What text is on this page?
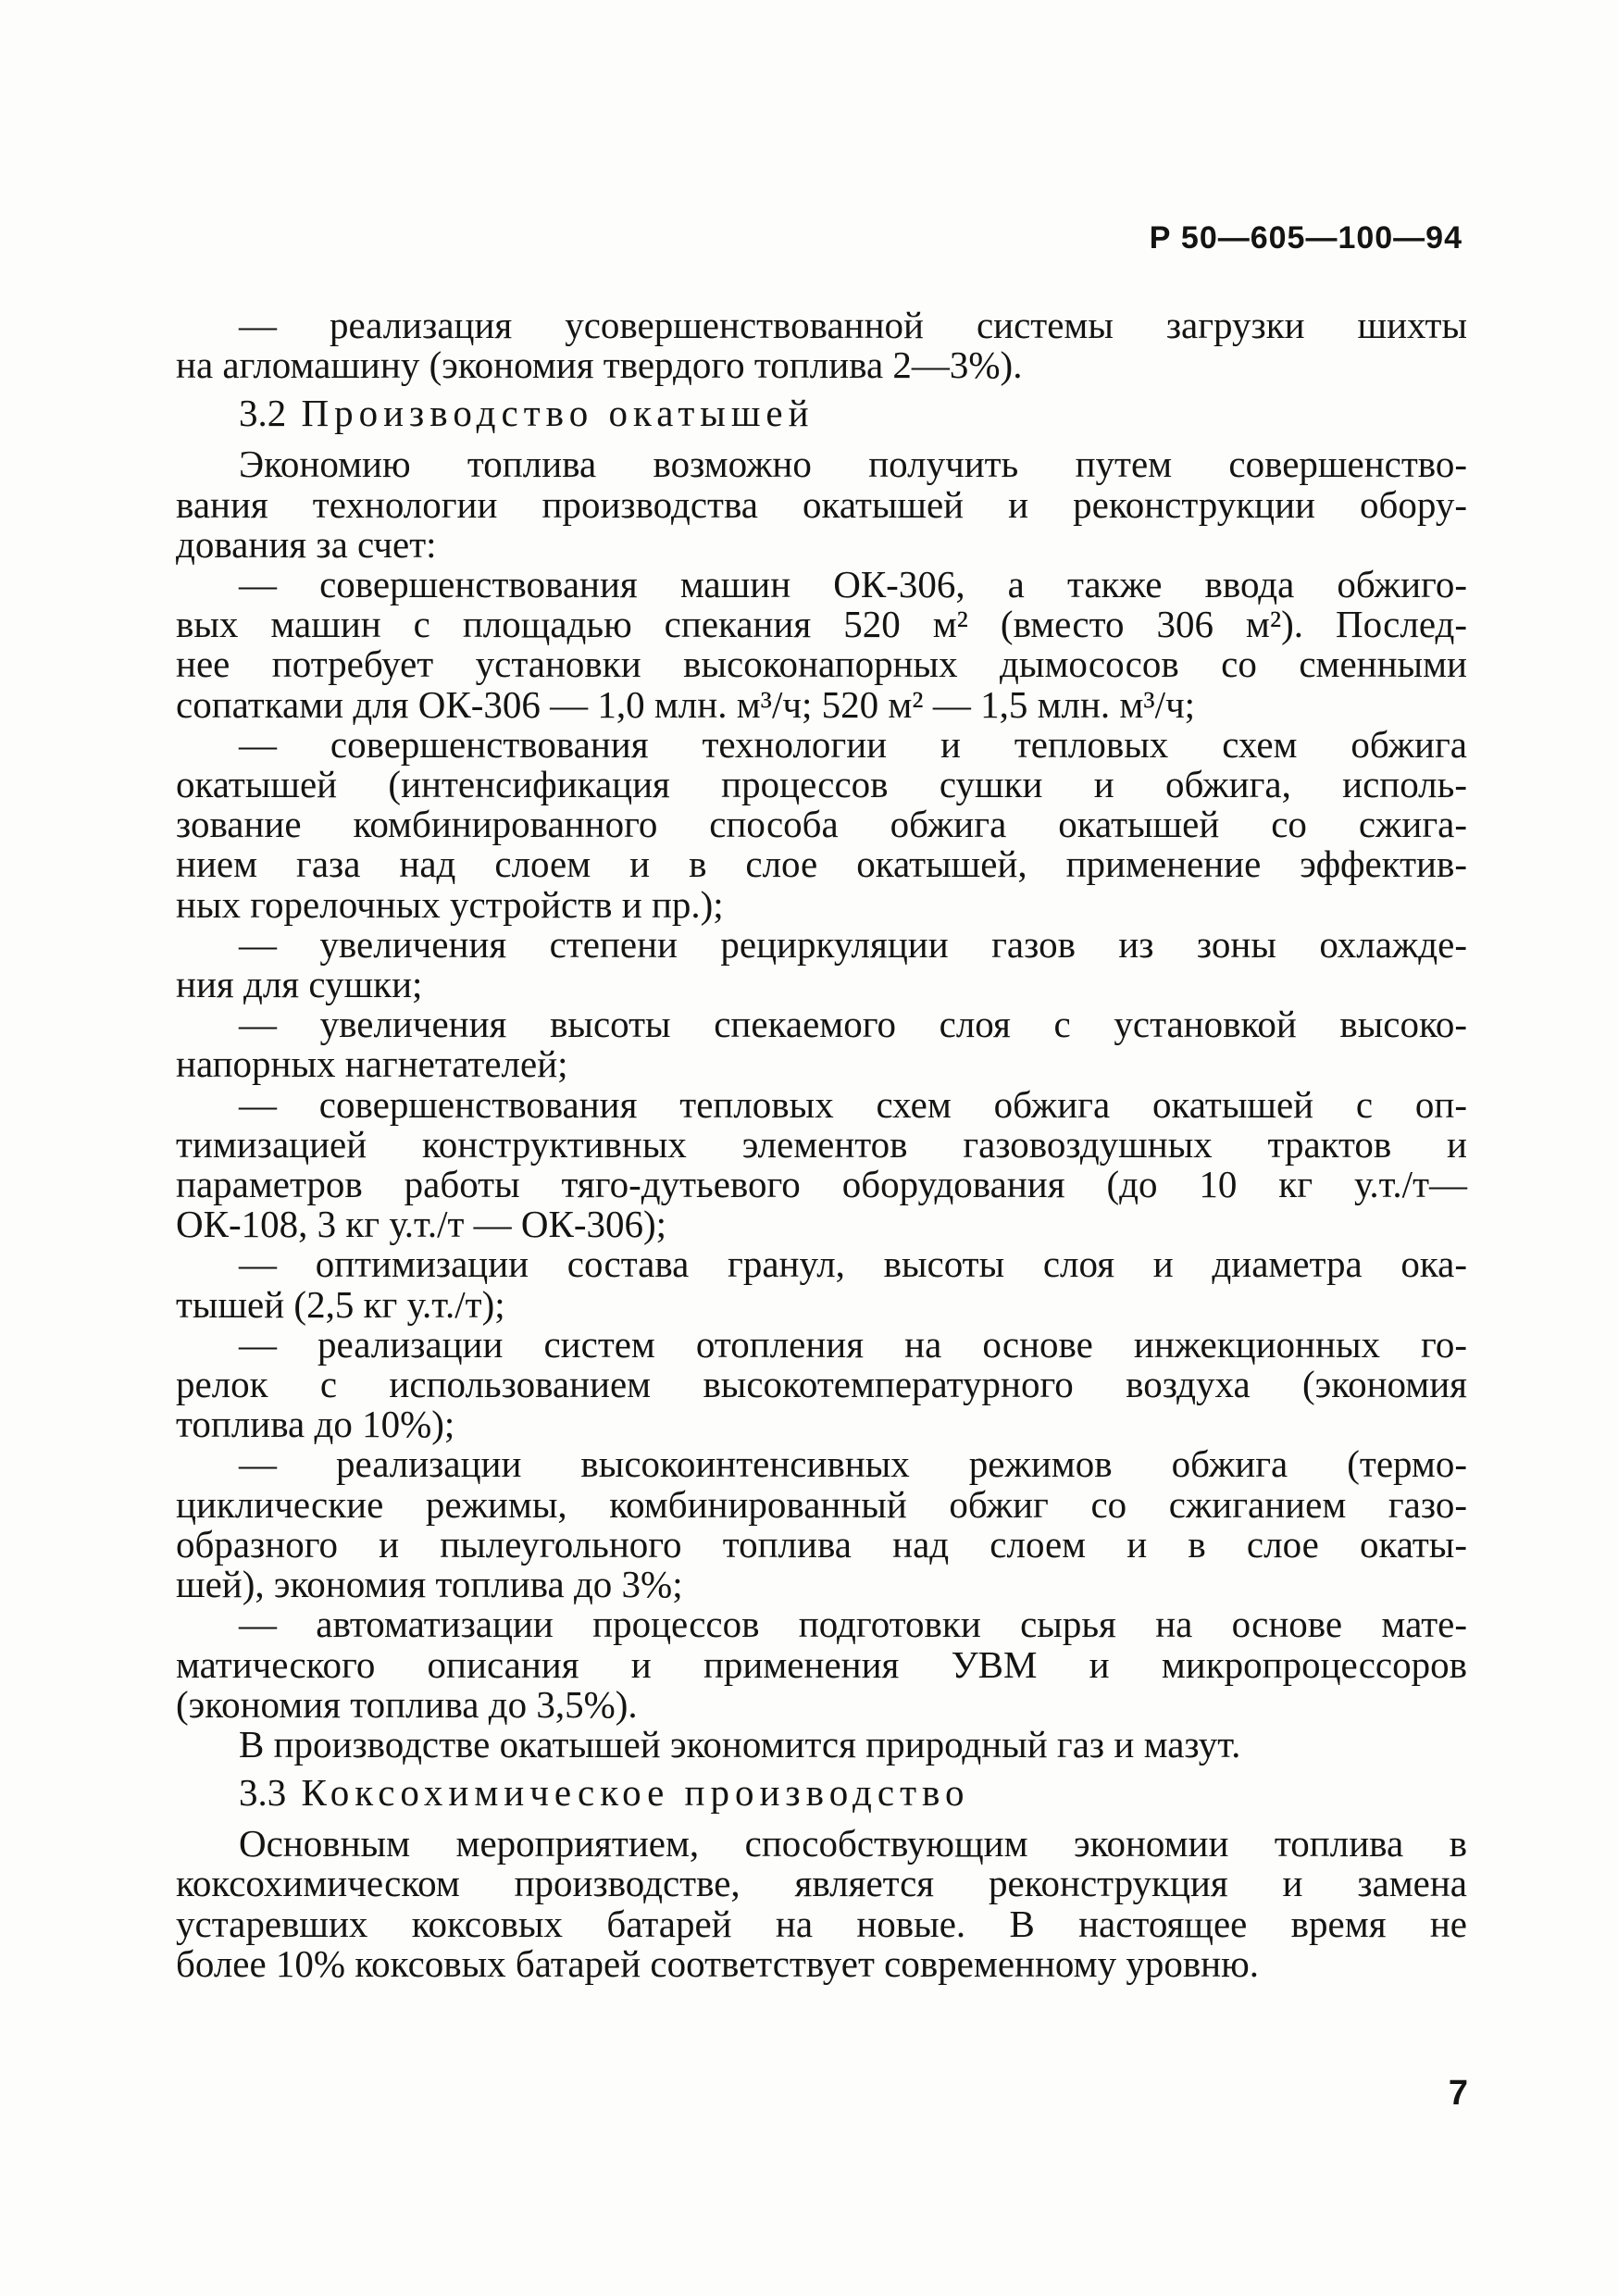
Р 50—605—100—94
— реализация усовершенствованной системы загрузки шихты
на агломашину (экономия твердого топлива 2—3%).
3.2 Производство окатышей
Экономию топлива возможно получить путем совершенство-
вания технологии производства окатышей и реконструкции обору-
дования за счет:
— совершенствования машин ОК-306, а также ввода обжиго-
вых машин с площадью спекания 520 м² (вместо 306 м²). Послед-
нее потребует установки высоконапорных дымососов со сменными
сопатками для ОК-306 — 1,0 млн. м³/ч; 520 м² — 1,5 млн. м³/ч;
— совершенствования технологии и тепловых схем обжига
окатышей (интенсификация процессов сушки и обжига, исполь-
зование комбинированного способа обжига окатышей со сжига-
нием газа над слоем и в слое окатышей, применение эффектив-
ных горелочных устройств и пр.);
— увеличения степени рециркуляции газов из зоны охлажде-
ния для сушки;
— увеличения высоты спекаемого слоя с установкой высоко-
напорных нагнетателей;
— совершенствования тепловых схем обжига окатышей с оп-
тимизацией конструктивных элементов газовоздушных трактов и
параметров работы тяго-дутьевого оборудования (до 10 кг у.т./т—
ОК-108, 3 кг у.т./т — ОК-306);
— оптимизации состава гранул, высоты слоя и диаметра ока-
тышей (2,5 кг у.т./т);
— реализации систем отопления на основе инжекционных го-
релок с использованием высокотемпературного воздуха (экономия
топлива до 10%);
— реализации высокоинтенсивных режимов обжига (термо-
циклические режимы, комбинированный обжиг со сжиганием газо-
образного и пылеугольного топлива над слоем и в слое окаты-
шей), экономия топлива до 3%;
— автоматизации процессов подготовки сырья на основе мате-
матического описания и применения УВМ и микропроцессоров
(экономия топлива до 3,5%).
В производстве окатышей экономится природный газ и мазут.
3.3 Коксохимическое производство
Основным мероприятием, способствующим экономии топлива в
коксохимическом производстве, является реконструкция и замена
устаревших коксовых батарей на новые. В настоящее время не
более 10% коксовых батарей соответствует современному уровню.
7
